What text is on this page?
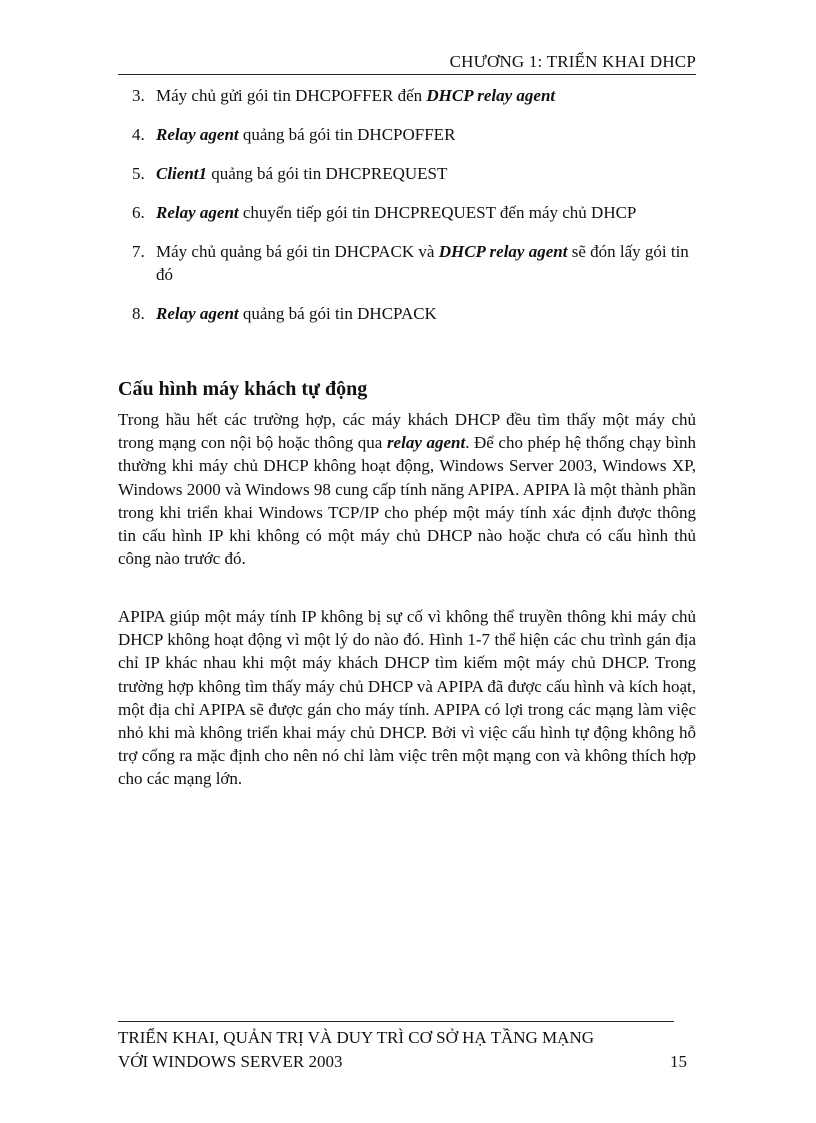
CHƯƠNG 1: TRIỂN KHAI DHCP
3. Máy chủ gửi gói tin DHCPOFFER đến DHCP relay agent
4. Relay agent quảng bá gói tin DHCPOFFER
5. Client1 quảng bá gói tin DHCPREQUEST
6. Relay agent chuyển tiếp gói tin DHCPREQUEST đến máy chủ DHCP
7. Máy chủ quảng bá gói tin DHCPACK và DHCP relay agent sẽ đón lấy gói tin đó
8. Relay agent quảng bá gói tin DHCPACK
Cấu hình máy khách tự động

Trong hầu hết các trường hợp, các máy khách DHCP đều tìm thấy một máy chủ trong mạng con nội bộ hoặc thông qua relay agent. Để cho phép hệ thống chạy bình thường khi máy chủ DHCP không hoạt động, Windows Server 2003, Windows XP, Windows 2000 và Windows 98 cung cấp tính năng APIPA. APIPA là một thành phần trong khi triển khai Windows TCP/IP cho phép một máy tính xác định được thông tin cấu hình IP khi không có một máy chủ DHCP nào hoặc chưa có cấu hình thủ công nào trước đó.

APIPA giúp một máy tính IP không bị sự cố vì không thể truyền thông khi máy chủ DHCP không hoạt động vì một lý do nào đó. Hình 1-7 thể hiện các chu trình gán địa chỉ IP khác nhau khi một máy khách DHCP tìm kiếm một máy chủ DHCP. Trong trường hợp không tìm thấy máy chủ DHCP và APIPA đã được cấu hình và kích hoạt, một địa chỉ APIPA sẽ được gán cho máy tính. APIPA có lợi trong các mạng làm việc nhỏ khi mà không triển khai máy chủ DHCP. Bởi vì việc cấu hình tự động không hỗ trợ cổng ra mặc định cho nên nó chỉ làm việc trên một mạng con và không thích hợp cho các mạng lớn.

TRIỂN KHAI, QUẢN TRỊ VÀ DUY TRÌ CƠ SỞ HẠ TẦNG MẠNG
VỚI WINDOWS SERVER 2003	15
